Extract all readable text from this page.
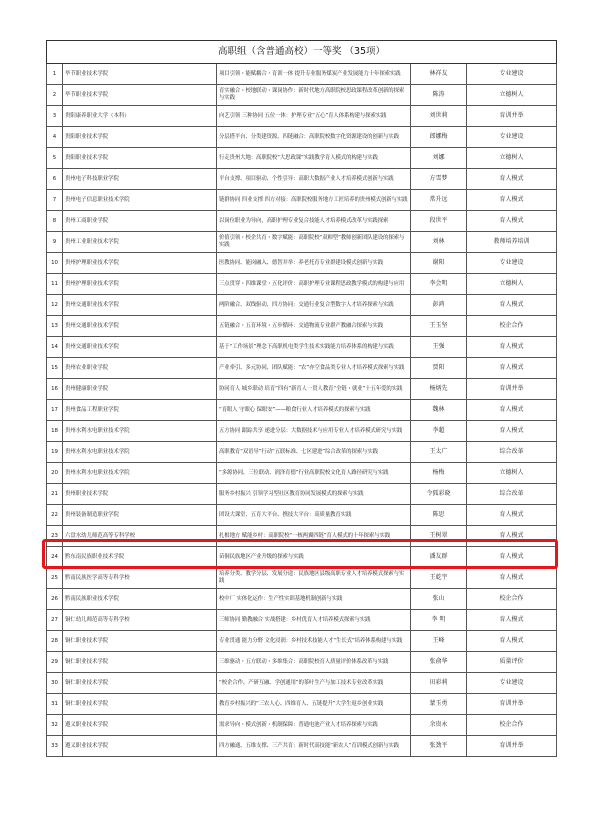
高职组（含普通高校）一等奖 （35项）				
1	毕节职业技术学院	项目引领・能赋耦合・育训一体 提升专业服务煤炭产业发展能力十年探索实践	林祥友	专业建设
2	毕节职业技术学院	育实融合・校地联动・课岗协作：新时代地方高职院校思政课程改革创新的探索与实践	陈涛	立德树人
3	贵阳康养职业大学（本科）	向艺引领 三种协同 五位一体：护理专业“五心”育人体系构建与探索实践	刘世莉	育训并举
4	贵阳职业技术学院	分层搭平台、分类建资源、四链融合：高职院校数字化资源建设的创新与实践	郎娜梅	专业建设
5	贵阳职业技术学院	行走贵州大地：高职院校“大思政课”实践教学育人模式的构建与实践	刘娜	立德树人
6	贵州电子科技职业学院	平台支撑、项目驱动、个性引导：高职大数据产业人才培养模式创新与实践	方雪梦	育人模式
7	贵州电子信息职业技术学院	链群协同 四业支撑 四方对接：高职院校服务地方工匠培养的贵州模式创新与实践	常升远	育人模式
8	贵州工商职业学院	以岗位职业为导向，高职护理专业复合技能人才培养模式改革与实践探索	段世平	育人模式
9	贵州工业职业技术学院	价值引领・校企共育・数字赋能：高职院校“双师型”教师创新团队建设的探索与实践	刘林	教师培养培训
10	贵州护理职业技术学院	医教协同、能岗融入、德智并举：养老托育专业群建设模式创新与实践	谢阳	专业建设
11	贵州护理职业技术学院	三点贯穿・四维课堂・五化评价：高职护理专业课程思政教学模式的构建与应用	李会明	立德树人
12	贵州交通职业技术学院	两阶融合、双线驱动、四方协同：交通行业复合型数字人才培养探索与实践	彭鸿	育人模式
13	贵州交通职业技术学院	五链融合・五育环境・五步循环：交通物流专业群产教融合探索与实践	王玉坚	校企合作
14	贵州交通职业技术学院	基于“工作场景”理念下高职机电类学生技术实践能力培养体系的构建与实践	王强	育人模式
15	贵州农业职业学院	产业牵引、多元协同、团队赋能：“农”亦空食品类专业人才培养模式探索与实践	贾阳	育人模式
16	贵州健康职业学院	协同育人 城乡联动 培育“四有”新育人一贯人教育“全链・就业”十五年爱的实践	杨炳先	育训并举
17	贵州食品工程职业学院	“育眼人 守眼心 保眼安”——粮食行业人才培养模式的探索与实践	魏林	育人模式
18	贵州水利水电职业技术学院	五方协同 跟踪共享 递进分层：大数据技术与应用专业人才培养模式研究与实践	李超	育人模式
19	贵州水利水电职业技术学院	高职教育“双语导”行动“五联标准、七区建进”综合改革的探索与实践	王太广	综合改革
20	贵州水利水电职业技术学院	“多源协同、三位联动、润泽育德”行业高职院校文化育人路径研究与实践	杨梅	立德树人
21	贵州职业技术学院	服务乡村振兴 引领学习型社区教育协同发展模式的探索与实践	令狐彩晓	综合改革
22	贵州装备制造职业学院	团设大课堂、五育大平台、携技大平台：高质量教育实践	陈思	育人模式
23	六盘水幼儿师范高等专科学校	扎根地方 赋能乡村：高职院校“一核两翼四链”育人模式的十年探索与实践	王树翠	育人模式
24	黔东南民族职业技术学院	苗侗民族地区产业升级的探索与实践	潘友群	育人模式
25	黔南民族医学高等专科学校	培养分类、教学分层、发展分途：民族地区县级高职专业人才培养模式探索与实践	王乾宇	育人模式
26	黔南民族职业技术学院	校中厂 实体化运作：生产性实训基地机制创新与实践	张山	校企合作
27	铜仁幼儿师范高等专科学校	三师协同 勤教融合 实战搭建：乡村优育人才培养模式探索与实践	李 明	育人模式
28	铜仁职业技术学院	专业贯通 能力分野 文化浸润：乡村技术技能人才“生长式”培养体系构建与实践	王峰	育人模式
29	铜仁职业技术学院	三维驱动・五方联动・多维集合：高职院校育人质量评价体系改革与实践	张俞华	质量评价
30	铜仁职业技术学院	“校企合作、产研互融、学创通用”的茶叶生产与加工技术专业改革实践	田彩莉	专业建设
31	铜仁职业技术学院	教育乡村振兴的“三农人心、四维育人、五链提升”大学生返乡创业实践	蒙玉勇	育训并举
32	遵义职业技术学院	需求导向・模式创新・机制保障：普通电池产业人才培养探索与实践	余贵永	校企合作
33	遵义职业技术学院	四方融通、五维支撑、三产共育：新时代高技能“新农人”育训模式创新与实践	张劲平	育训并举
